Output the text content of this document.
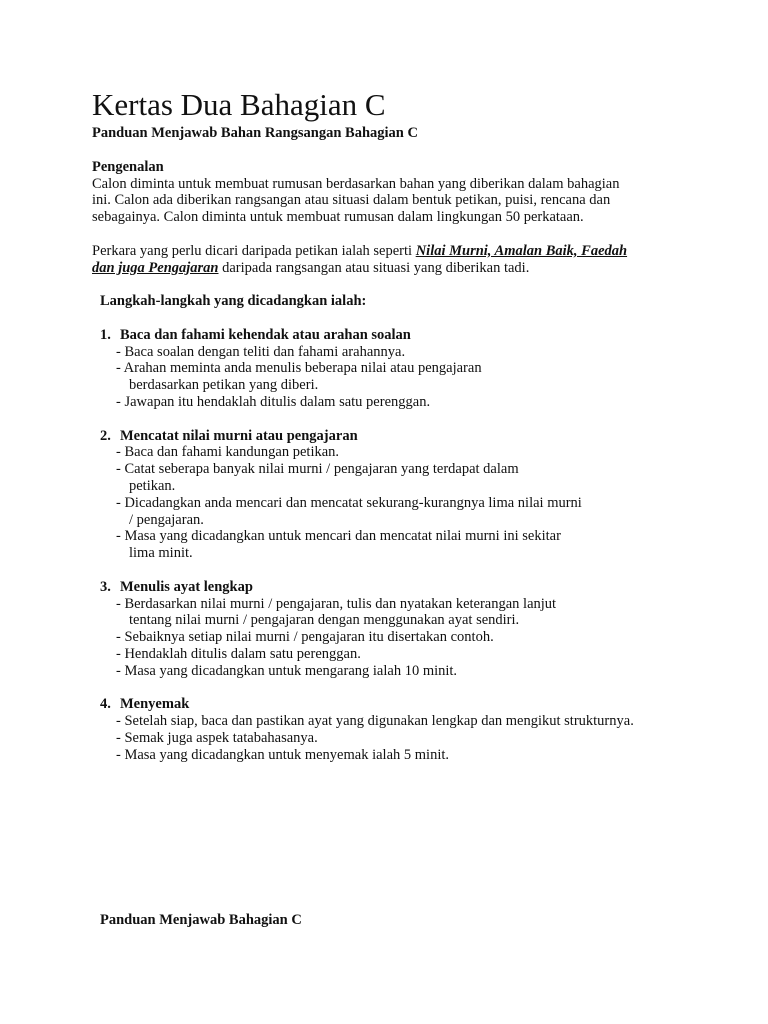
Kertas Dua Bahagian C

Panduan Menjawab Bahan Rangsangan Bahagian C

Pengenalan

Calon diminta untuk membuat rumusan berdasarkan bahan yang diberikan dalam bahagian

ini. Calon ada diberikan rangsangan atau situasi dalam bentuk petikan, puisi, rencana dan

sebagainya. Calon diminta untuk membuat rumusan dalam lingkungan 50 perkataan.

Perkara yang perlu dicari daripada petikan ialah seperti Nilai Murni, Amalan Baik, Faedah
dan juga Pengajaran daripada rangsangan atau situasi yang diberikan tadi.

Langkah-langkah yang dicadangkan ialah:

1. Baca dan fahami kehendak atau arahan soalan

- Baca soalan dengan teliti dan fahami arahannya.

- Arahan meminta anda menulis beberapa nilai atau pengajaran berdasarkan petikan yang diberi.

- Jawapan itu hendaklah ditulis dalam satu perenggan.

2. Mencatat nilai murni atau pengajaran

- Baca dan fahami kandungan petikan.

- Catat seberapa banyak nilai murni / pengajaran yang terdapat dalam petikan.

- Dicadangkan anda mencari dan mencatat sekurang-kurangnya lima nilai murni / pengajaran.

- Masa yang dicadangkan untuk mencari dan mencatat nilai murni ini sekitar lima minit.

3. Menulis ayat lengkap

- Berdasarkan nilai murni / pengajaran, tulis dan nyatakan keterangan lanjut tentang nilai murni / pengajaran dengan menggunakan ayat sendiri.

- Sebaiknya setiap nilai murni / pengajaran itu disertakan contoh.

- Hendaklah ditulis dalam satu perenggan.

- Masa yang dicadangkan untuk mengarang ialah 10 minit.

4. Menyemak

- Setelah siap, baca dan pastikan ayat yang digunakan lengkap dan mengikut strukturnya.

- Semak juga aspek tatabahasanya.

- Masa yang dicadangkan untuk menyemak ialah 5 minit.

Panduan Menjawab Bahagian C
